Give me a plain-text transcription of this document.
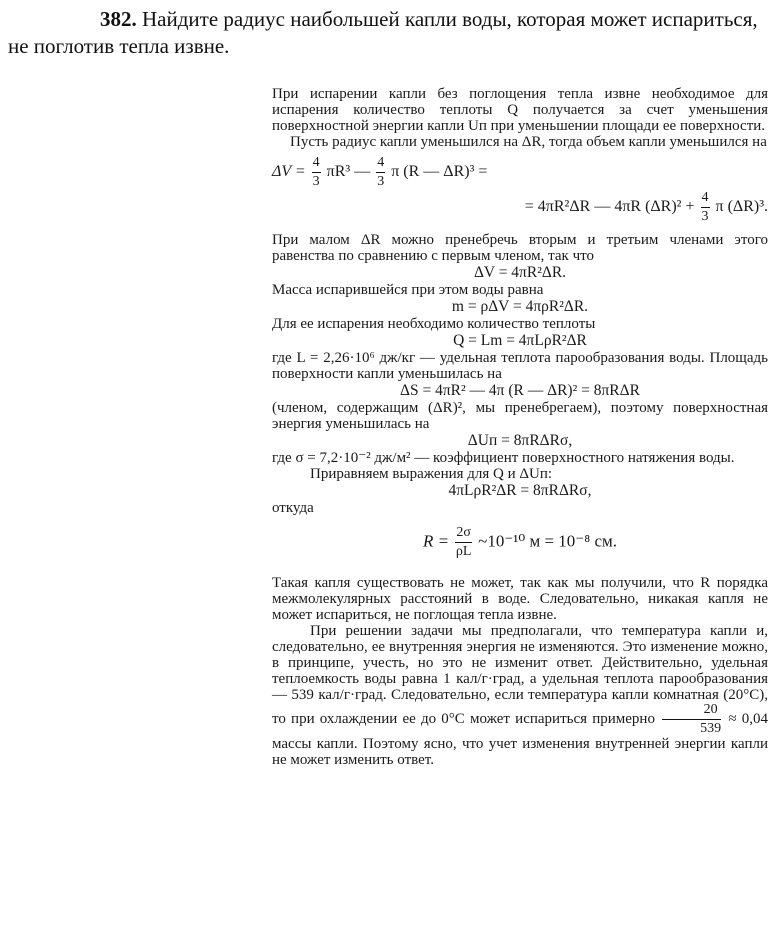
382. Найдите радиус наибольшей капли воды, которая может испариться, не поглотив тепла извне.

При испарении капли без поглощения тепла извне необходимое для испарения количество теплоты Q получается за счет уменьшения поверхностной энергии капли Uп при уменьшении площади ее поверхности.

Пусть радиус капли уменьшился на ΔR, тогда объем капли уменьшился на

$\Delta V = \frac{4}{3} \pi R^3$ — $\frac{4}{3}$ π (R — ΔR)³ =
= 4πR²ΔR — 4πR $(\Delta R)^2 + \frac{4}{3}$ π (ΔR)³.

При малом ΔR можно пренебречь вторым и третьим членами этого равенства по сравнению с первым членом, так что

ΔV = 4πR²ΔR.

Масса испарившейся при этом воды равна

m = ρΔV = 4πρR²ΔR.

Для ее испарения необходимо количество теплоты

Q = Lm = 4πLρR²ΔR

где L = 2,26·10⁶ дж/кг — удельная теплота парообразования воды. Площадь поверхности капли уменьшилась на

ΔS = 4πR² — 4π (R — ΔR)² = 8πRΔR

(членом, содержащим (ΔR)², мы пренебрегаем), поэтому поверхностная энергия уменьшилась на

ΔUп = 8πRΔRσ,

где σ = 7,2·10⁻² дж/м² — коэффициент поверхностного натяжения воды.

Приравняем выражения для Q и ΔUп:

4πLρR²ΔR = 8πRΔRσ,

откуда

$R = \frac{2\sigma}{\rho L}$ ~10⁻¹⁰ м = 10⁻⁸ см.

Такая капля существовать не может, так как мы получили, что R порядка межмолекулярных расстояний в воде. Следовательно, никакая капля не может испариться, не поглощая тепла извне.

При решении задачи мы предполагали, что температура капли и, следовательно, ее внутренняя энергия не изменяются. Это изменение можно, в принципе, учесть, но это не изменит ответ. Действительно, удельная теплоемкость воды равна 1 кал/г·град, а удельная теплота парообразования — 539 кал/г·град. Следовательно, если температура капли комнатная (20°C), то при охлаждении ее до 0°C может испариться примерно $\frac{20}{539} \approx 0,04$ массы капли. Поэтому ясно, что учет изменения внутренней энергии капли не может изменить ответ.
